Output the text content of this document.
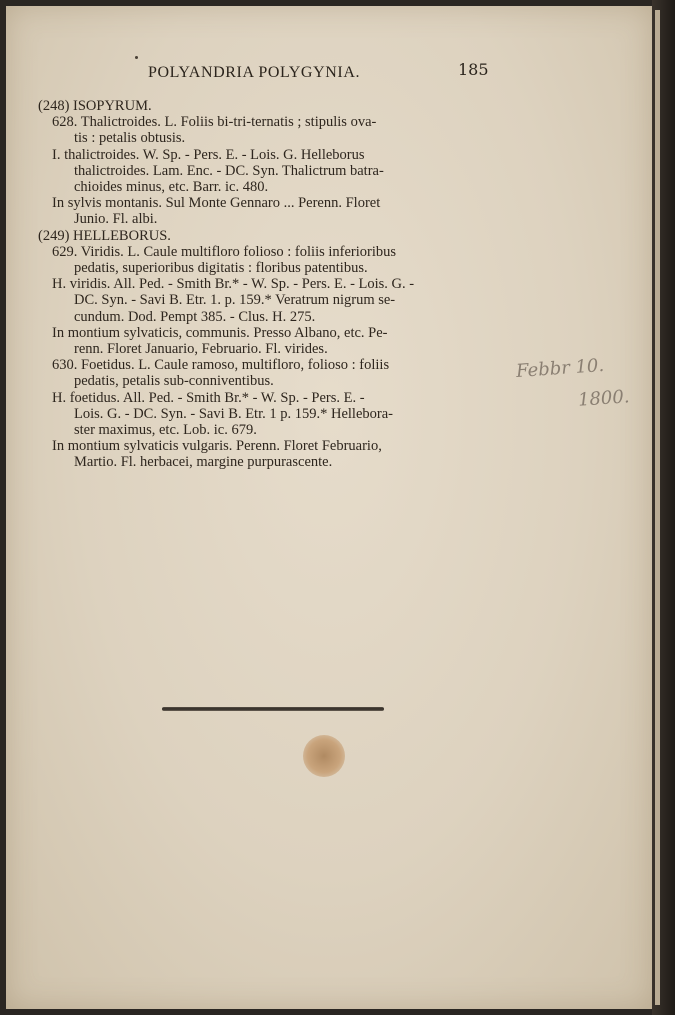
POLYANDRIA POLYGYNIA.	185
(248) ISOPYRUM.
628. Thalictroides. L. Foliis bi-tri-ternatis ; stipulis ova-
tis : petalis obtusis.
I. thalictroides. W. Sp. - Pers. E. - Lois. G. Helleborus
thalictroides. Lam. Enc. - DC. Syn. Thalictrum batra-
chioides minus, etc. Barr. ic. 480.
In sylvis montanis. Sul Monte Gennaro ... Perenn. Floret
Junio. Fl. albi.
(249) HELLEBORUS.
629. Viridis. L. Caule multifloro folioso : foliis inferioribus
pedatis, superioribus digitatis : floribus patentibus.
H. viridis. All. Ped. - Smith Br.* - W. Sp. - Pers. E. - Lois. G. -
DC. Syn. - Savi B. Etr. 1. p. 159.* Veratrum nigrum se-
cundum. Dod. Pempt 385. - Clus. H. 275.
In montium sylvaticis, communis. Presso Albano, etc. Pe-
renn. Floret Januario, Februario. Fl. virides.
630. Foetidus. L. Caule ramoso, multifloro, folioso : foliis
pedatis, petalis sub-conniventibus.
H. foetidus. All. Ped. - Smith Br.* - W. Sp. - Pers. E. -
Lois. G. - DC. Syn. - Savi B. Etr. 1 p. 159.* Hellebora-
ster maximus, etc. Lob. ic. 679.
In montium sylvaticis vulgaris. Perenn. Floret Februario,
Martio. Fl. herbacei, margine purpurascente.
Febbr 10.
1800.
